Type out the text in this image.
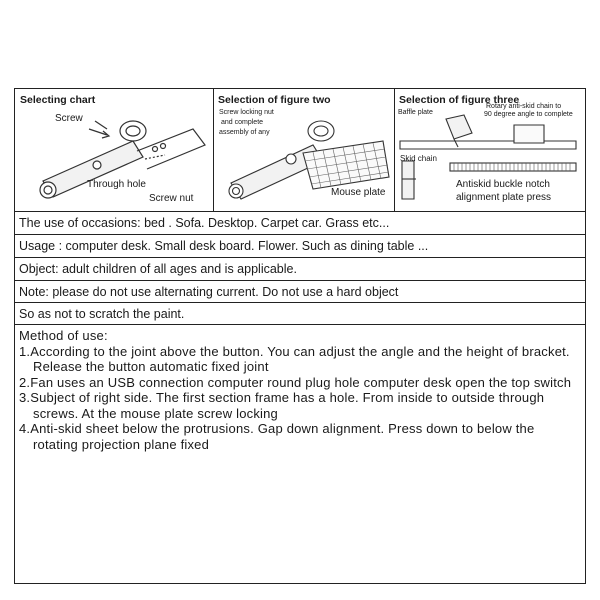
Selecting chart
Screw
Through hole
Screw nut
Selection of figure two
Screw locking nut
and complete
assembly of any
Mouse plate
Selection of figure three
Baffle plate
Rotary anti-skid chain to
90 degree angle to complete
Skid chain
Antiskid buckle notch
alignment plate press
The use of occasions: bed . Sofa. Desktop. Carpet car. Grass etc...
Usage : computer desk. Small desk board. Flower. Such as dining table ...
Object: adult children of all ages and is applicable.
Note: please do not use alternating current. Do not use a hard object
So as not to scratch the paint.
Method of use:
1.According to the joint above the button. You can adjust the angle and the height of bracket. Release the button automatic fixed joint
2.Fan uses an USB connection computer round plug hole computer desk open the top switch
3.Subject of right side. The first section frame has a hole. From inside to outside through screws. At the mouse plate screw locking
4.Anti-skid sheet below the protrusions. Gap down alignment. Press down to below the rotating projection plane fixed
